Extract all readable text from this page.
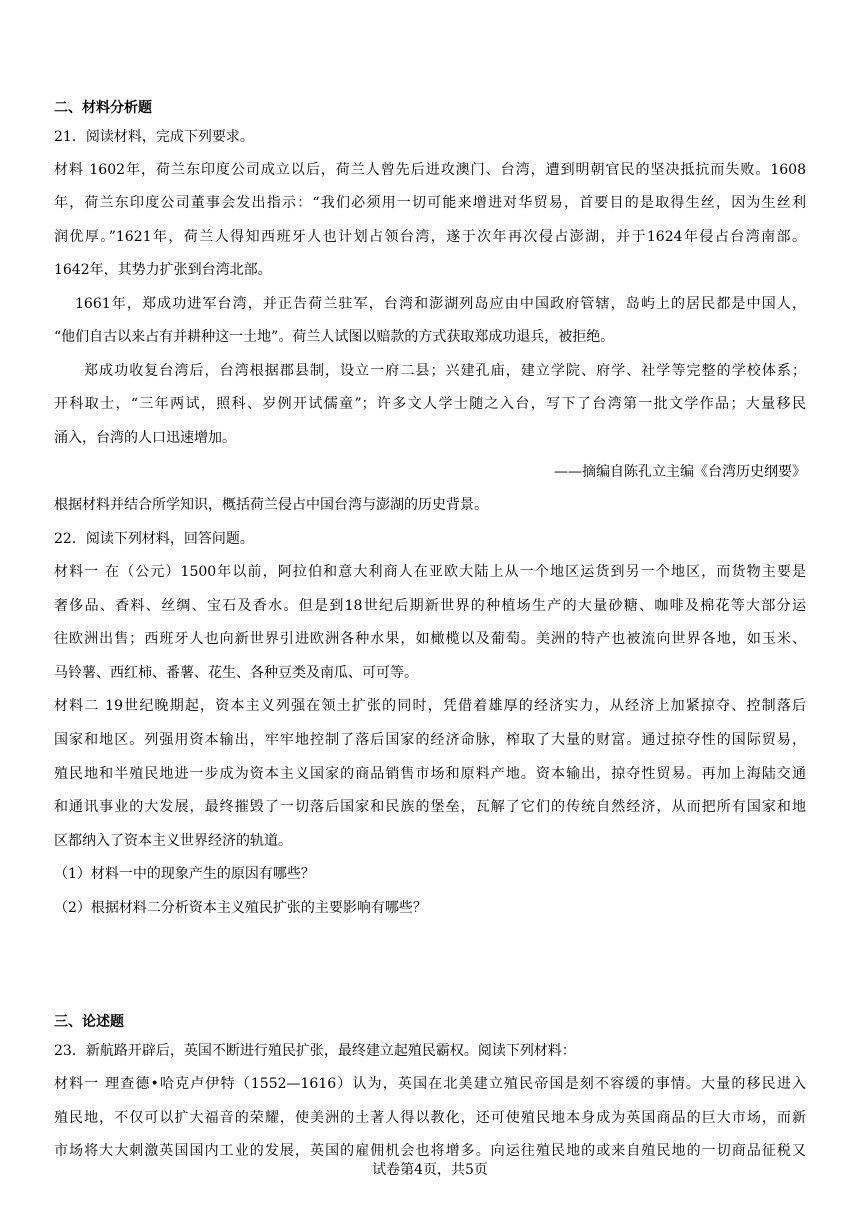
二、材料分析题
21．阅读材料，完成下列要求。
材料 1602年，荷兰东印度公司成立以后，荷兰人曾先后进攻澳门、台湾，遭到明朝官民的坚决抵抗而失败。1608
年，荷兰东印度公司董事会发出指示：“我们必须用一切可能来增进对华贸易，首要目的是取得生丝，因为生丝利
润优厚。”1621年，荷兰人得知西班牙人也计划占领台湾，遂于次年再次侵占澎湖，并于1624年侵占台湾南部。
1642年，其势力扩张到台湾北部。
1661年，郑成功进军台湾，并正告荷兰驻军，台湾和澎湖列岛应由中国政府管辖，岛屿上的居民都是中国人，
“他们自古以来占有并耕种这一土地”。荷兰人试图以赔款的方式获取郑成功退兵，被拒绝。
郑成功收复台湾后，台湾根据郡县制，设立一府二县；兴建孔庙，建立学院、府学、社学等完整的学校体系；
开科取士，“三年两试，照科、岁例开试儒童”；许多文人学士随之入台，写下了台湾第一批文学作品；大量移民
涌入，台湾的人口迅速增加。
——摘编自陈孔立主编《台湾历史纲要》
根据材料并结合所学知识，概括荷兰侵占中国台湾与澎湖的历史背景。
22．阅读下列材料，回答问题。
材料一 在（公元）1500年以前，阿拉伯和意大利商人在亚欧大陆上从一个地区运货到另一个地区，而货物主要是
奢侈品、香料、丝绸、宝石及香水。但是到18世纪后期新世界的种植场生产的大量砂糖、咖啡及棉花等大部分运
往欧洲出售；西班牙人也向新世界引进欧洲各种水果，如橄榄以及葡萄。美洲的特产也被流向世界各地，如玉米、
马铃薯、西红柿、番薯、花生、各种豆类及南瓜、可可等。
材料二 19世纪晚期起，资本主义列强在领土扩张的同时，凭借着雄厚的经济实力，从经济上加紧掠夺、控制落后
国家和地区。列强用资本输出，牢牢地控制了落后国家的经济命脉，榨取了大量的财富。通过掠夺性的国际贸易，
殖民地和半殖民地进一步成为资本主义国家的商品销售市场和原料产地。资本输出，掠夺性贸易。再加上海陆交通
和通讯事业的大发展，最终摧毁了一切落后国家和民族的堡垒，瓦解了它们的传统自然经济，从而把所有国家和地
区都纳入了资本主义世界经济的轨道。
（1）材料一中的现象产生的原因有哪些？
（2）根据材料二分析资本主义殖民扩张的主要影响有哪些？
三、论述题
23．新航路开辟后，英国不断进行殖民扩张，最终建立起殖民霸权。阅读下列材料：
材料一 理查德•哈克卢伊特（1552—1616）认为，英国在北美建立殖民帝国是刻不容缓的事情。大量的移民进入
殖民地，不仅可以扩大福音的荣耀，使美洲的土著人得以教化，还可使殖民地本身成为英国商品的巨大市场，而新
市场将大大刺激英国国内工业的发展，英国的雇佣机会也将增多。向运往殖民地的或来自殖民地的一切商品征税又
试卷第4页，共5页
